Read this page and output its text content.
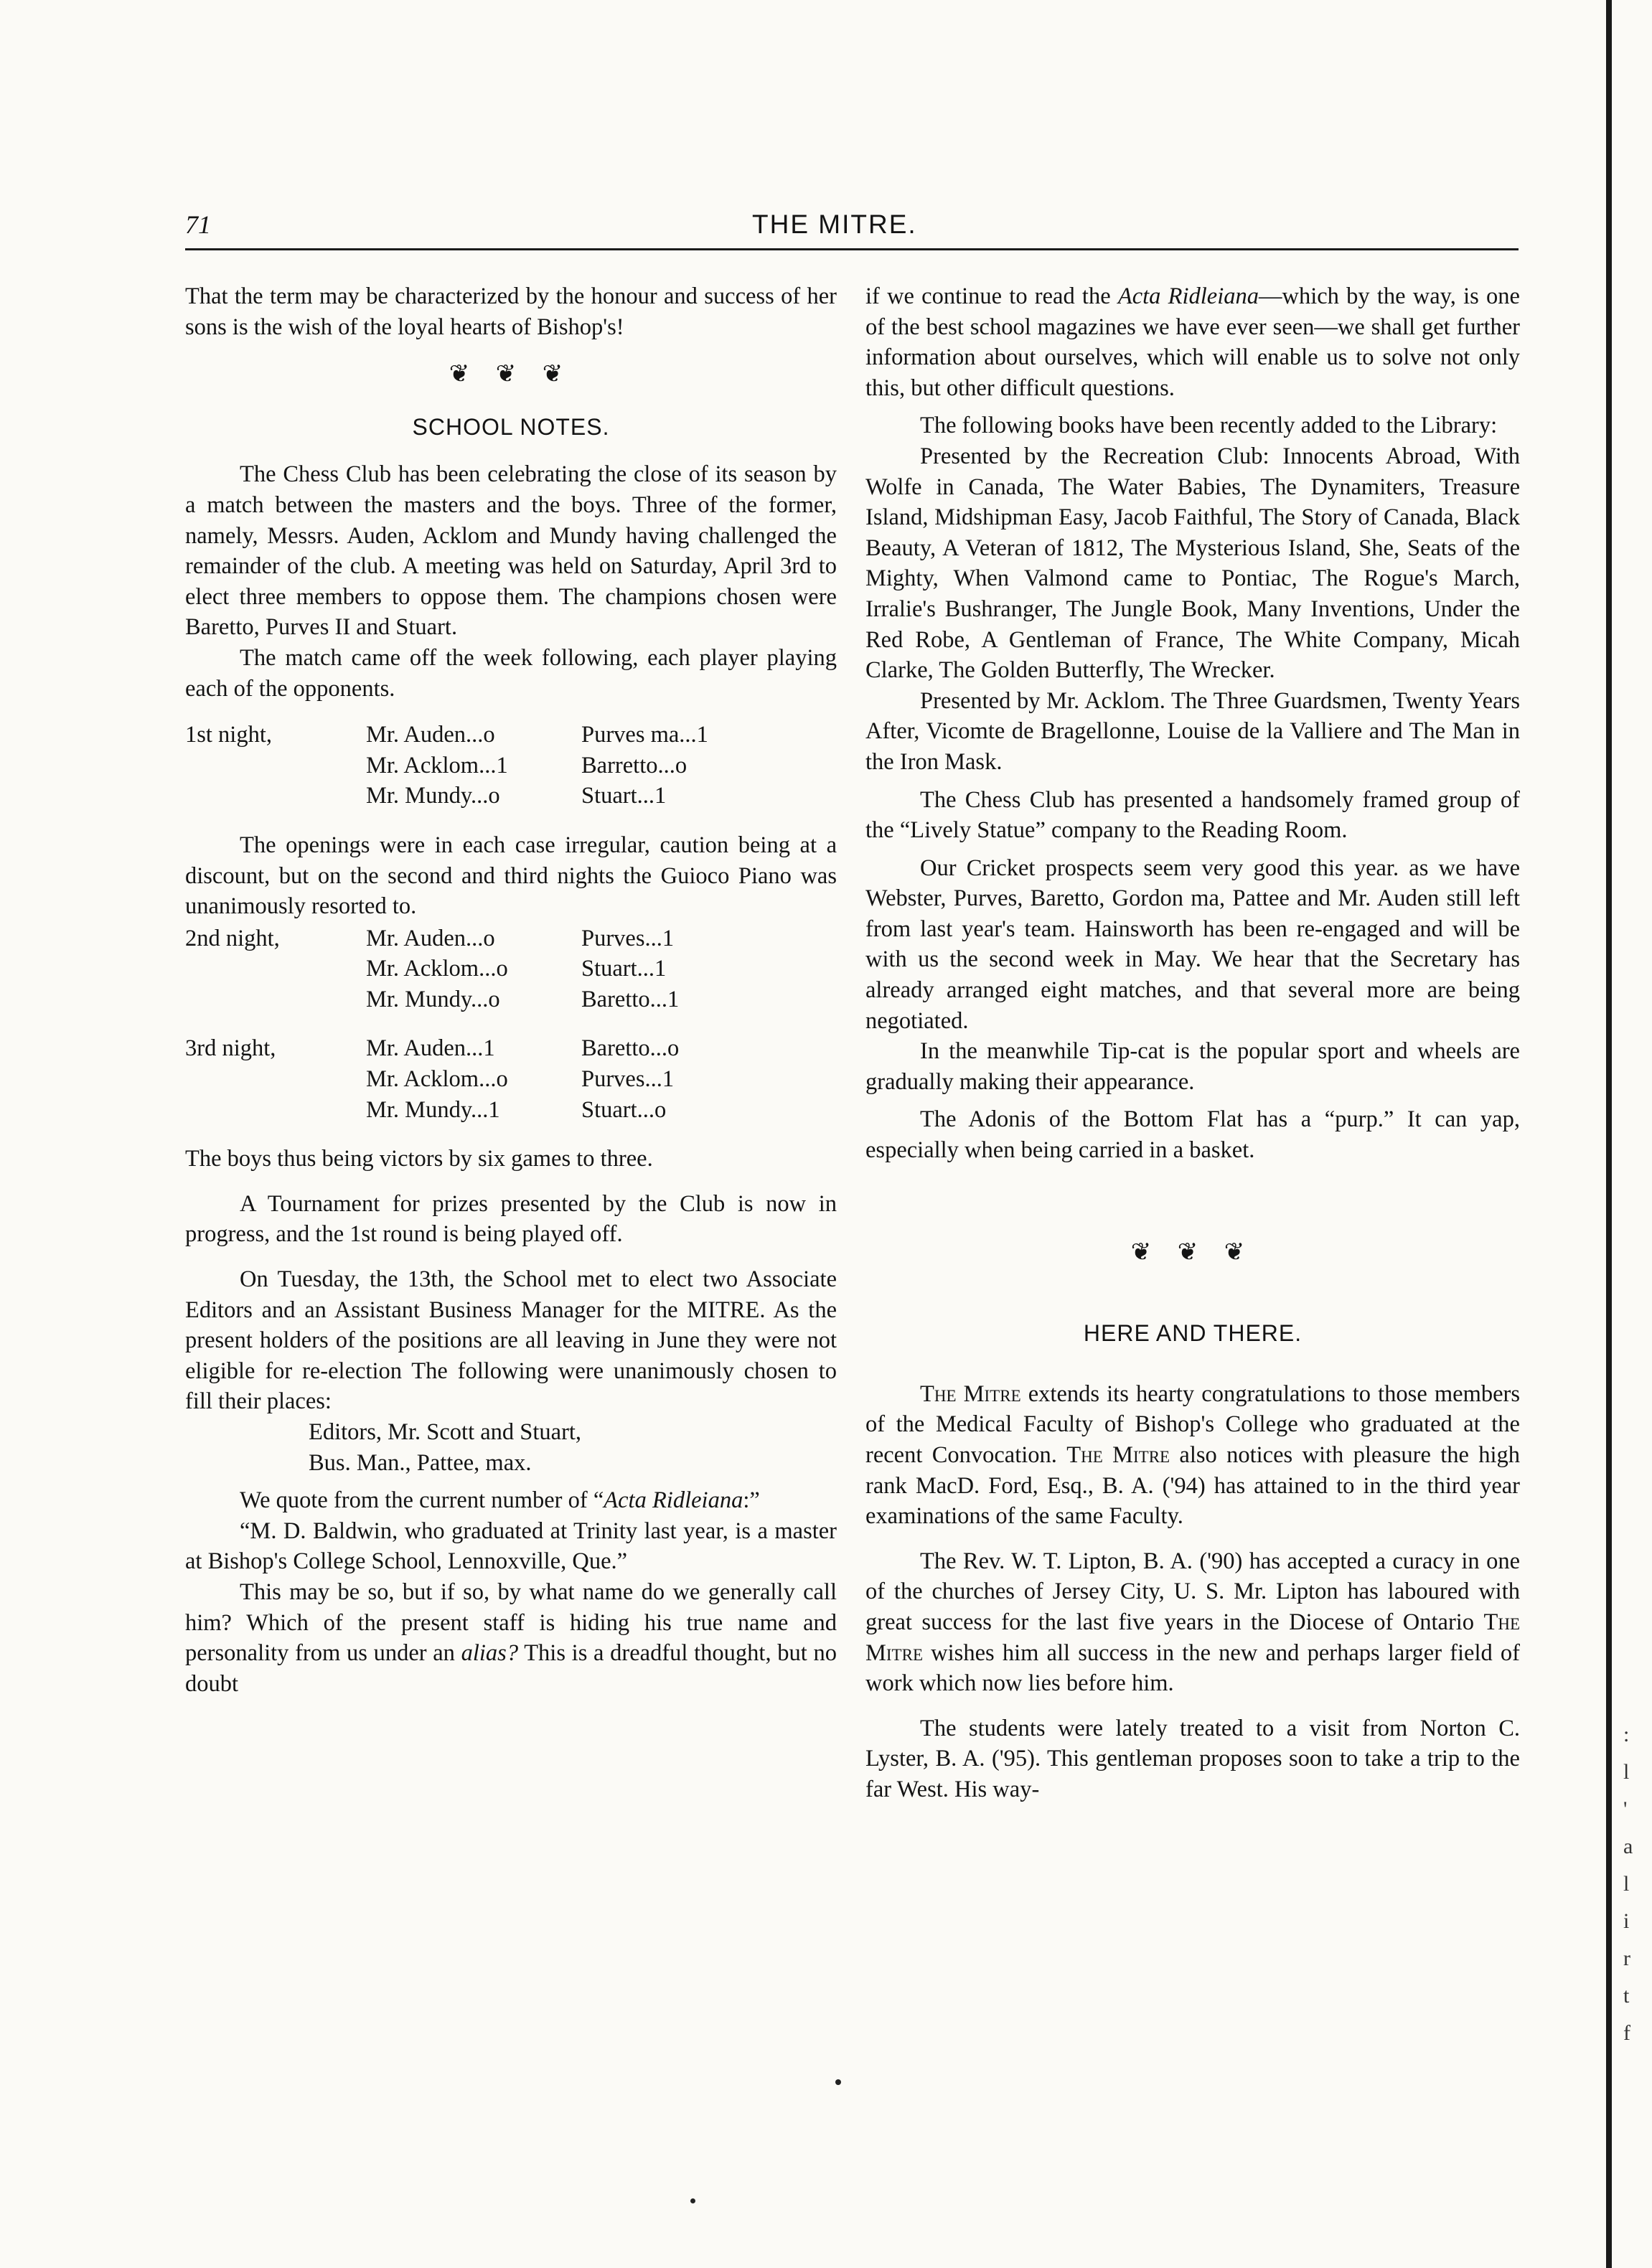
71	THE MITRE.

That the term may be characterized by the honour and success of her sons is the wish of the loyal hearts of Bishop's!

❦ ❦ ❦
SCHOOL NOTES.

The Chess Club has been celebrating the close of its season by a match between the masters and the boys. Three of the former, namely, Messrs. Auden, Acklom and Mundy having challenged the remainder of the club. A meeting was held on Saturday, April 3rd to elect three members to oppose them. The champions chosen were Baretto, Purves II and Stuart.

The match came off the week following, each player playing each of the opponents.

1st night,	Mr. Auden...o	Purves ma...1
Mr. Acklom...1	Barretto...o
Mr. Mundy...o	Stuart...1

The openings were in each case irregular, caution being at a discount, but on the second and third nights the Guioco Piano was unanimously resorted to.

2nd night,	Mr. Auden...o	Purves...1
Mr. Acklom...o	Stuart...1
Mr. Mundy...o	Baretto...1
3rd night,	Mr. Auden...1	Baretto...o
Mr. Acklom...o	Purves...1
Mr. Mundy...1	Stuart...o

The boys thus being victors by six games to three.

A Tournament for prizes presented by the Club is now in progress, and the 1st round is being played off.

On Tuesday, the 13th, the School met to elect two Associate Editors and an Assistant Business Manager for the MITRE. As the present holders of the positions are all leaving in June they were not eligible for re-election The following were unanimously chosen to fill their places:

Editors, Mr. Scott and Stuart,

Bus. Man., Pattee, max.

We quote from the current number of “Acta Ridleiana:”

“M. D. Baldwin, who graduated at Trinity last year, is a master at Bishop's College School, Lennoxville, Que.”

This may be so, but if so, by what name do we generally call him? Which of the present staff is hiding his true name and personality from us under an alias? This is a dreadful thought, but no doubt

if we continue to read the Acta Ridleiana—which by the way, is one of the best school magazines we have ever seen—we shall get further information about ourselves, which will enable us to solve not only this, but other difficult questions.

The following books have been recently added to the Library:

Presented by the Recreation Club: Innocents Abroad, With Wolfe in Canada, The Water Babies, The Dynamiters, Treasure Island, Midshipman Easy, Jacob Faithful, The Story of Canada, Black Beauty, A Veteran of 1812, The Mysterious Island, She, Seats of the Mighty, When Valmond came to Pontiac, The Rogue's March, Irralie's Bushranger, The Jungle Book, Many Inventions, Under the Red Robe, A Gentleman of France, The White Company, Micah Clarke, The Golden Butterfly, The Wrecker.

Presented by Mr. Acklom. The Three Guardsmen, Twenty Years After, Vicomte de Bragellonne, Louise de la Valliere and The Man in the Iron Mask.

The Chess Club has presented a handsomely framed group of the “Lively Statue” company to the Reading Room.

Our Cricket prospects seem very good this year. as we have Webster, Purves, Baretto, Gordon ma, Pattee and Mr. Auden still left from last year's team. Hainsworth has been re-engaged and will be with us the second week in May. We hear that the Secretary has already arranged eight matches, and that several more are being negotiated.

In the meanwhile Tip-cat is the popular sport and wheels are gradually making their appearance.

The Adonis of the Bottom Flat has a “purp.” It can yap, especially when being carried in a basket.

❦ ❦ ❦
HERE AND THERE.

The Mitre extends its hearty congratulations to those members of the Medical Faculty of Bishop's College who graduated at the recent Convocation. The Mitre also notices with pleasure the high rank MacD. Ford, Esq., B. A. ('94) has attained to in the third year examinations of the same Faculty.

The Rev. W. T. Lipton, B. A. ('90) has accepted a curacy in one of the churches of Jersey City, U. S. Mr. Lipton has laboured with great success for the last five years in the Diocese of Ontario The Mitre wishes him all success in the new and perhaps larger field of work which now lies before him.

The students were lately treated to a visit from Norton C. Lyster, B. A. ('95). This gentleman proposes soon to take a trip to the far West. His way-

:
l
'
a
l
i
r
t
f
